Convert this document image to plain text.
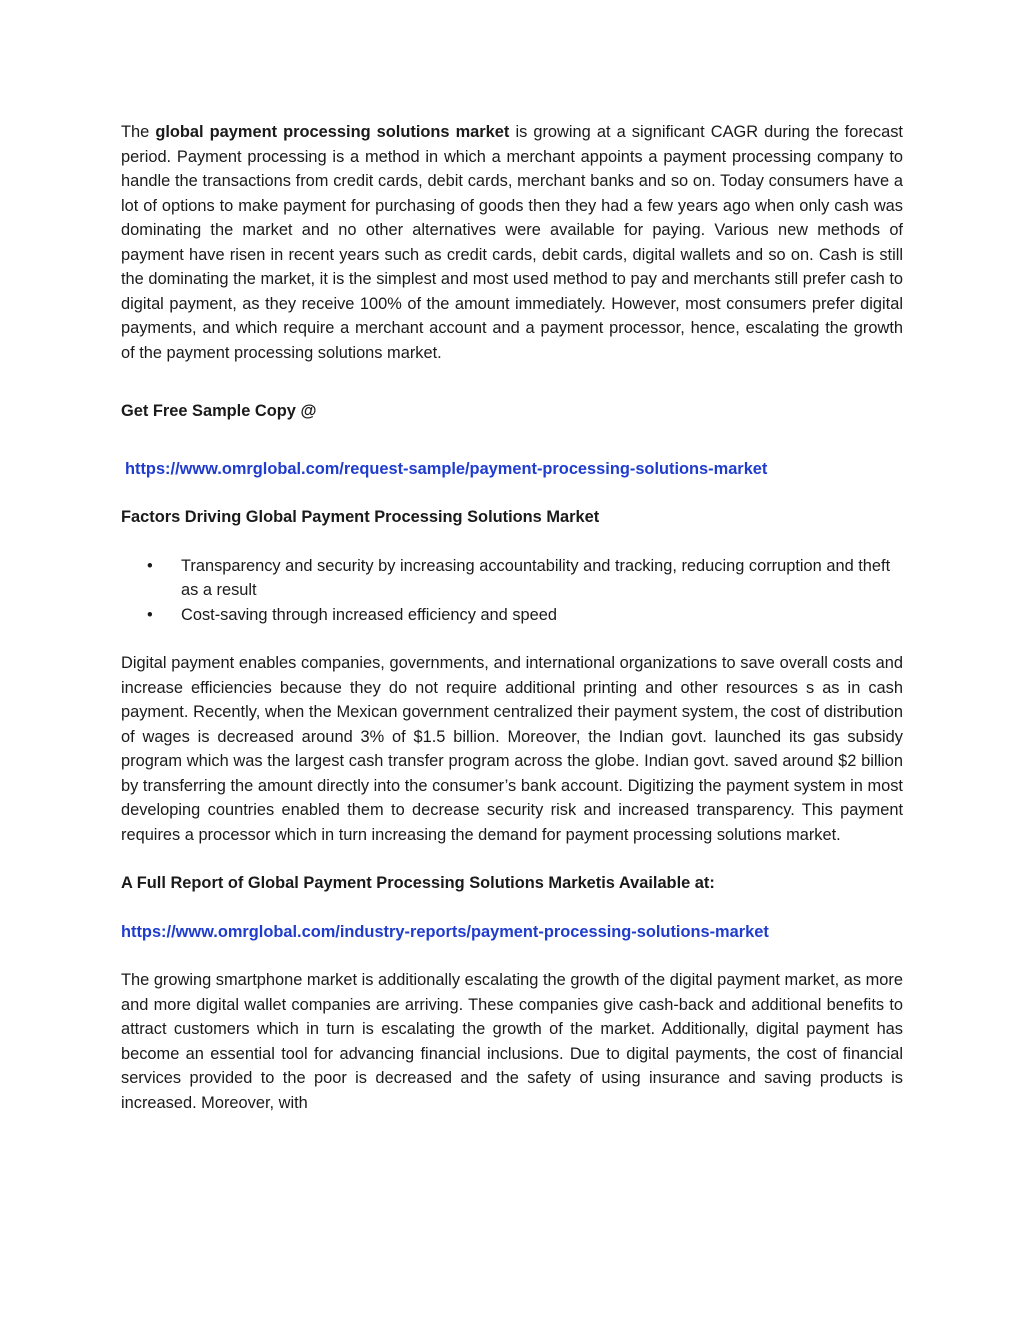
The global payment processing solutions market is growing at a significant CAGR during the forecast period. Payment processing is a method in which a merchant appoints a payment processing company to handle the transactions from credit cards, debit cards, merchant banks and so on. Today consumers have a lot of options to make payment for purchasing of goods then they had a few years ago when only cash was dominating the market and no other alternatives were available for paying. Various new methods of payment have risen in recent years such as credit cards, debit cards, digital wallets and so on. Cash is still the dominating the market, it is the simplest and most used method to pay and merchants still prefer cash to digital payment, as they receive 100% of the amount immediately. However, most consumers prefer digital payments, and which require a merchant account and a payment processor, hence, escalating the growth of the payment processing solutions market.

Get Free Sample Copy @

https://www.omrglobal.com/request-sample/payment-processing-solutions-market

Factors Driving Global Payment Processing Solutions Market

• Transparency and security by increasing accountability and tracking, reducing corruption and theft as a result
• Cost-saving through increased efficiency and speed

Digital payment enables companies, governments, and international organizations to save overall costs and increase efficiencies because they do not require additional printing and other resources s as in cash payment. Recently, when the Mexican government centralized their payment system, the cost of distribution of wages is decreased around 3% of $1.5 billion. Moreover, the Indian govt. launched its gas subsidy program which was the largest cash transfer program across the globe. Indian govt. saved around $2 billion by transferring the amount directly into the consumer’s bank account. Digitizing the payment system in most developing countries enabled them to decrease security risk and increased transparency. This payment requires a processor which in turn increasing the demand for payment processing solutions market.

A Full Report of Global Payment Processing Solutions Marketis Available at:

https://www.omrglobal.com/industry-reports/payment-processing-solutions-market

The growing smartphone market is additionally escalating the growth of the digital payment market, as more and more digital wallet companies are arriving. These companies give cash-back and additional benefits to attract customers which in turn is escalating the growth of the market. Additionally, digital payment has become an essential tool for advancing financial inclusions. Due to digital payments, the cost of financial services provided to the poor is decreased and the safety of using insurance and saving products is increased. Moreover, with
